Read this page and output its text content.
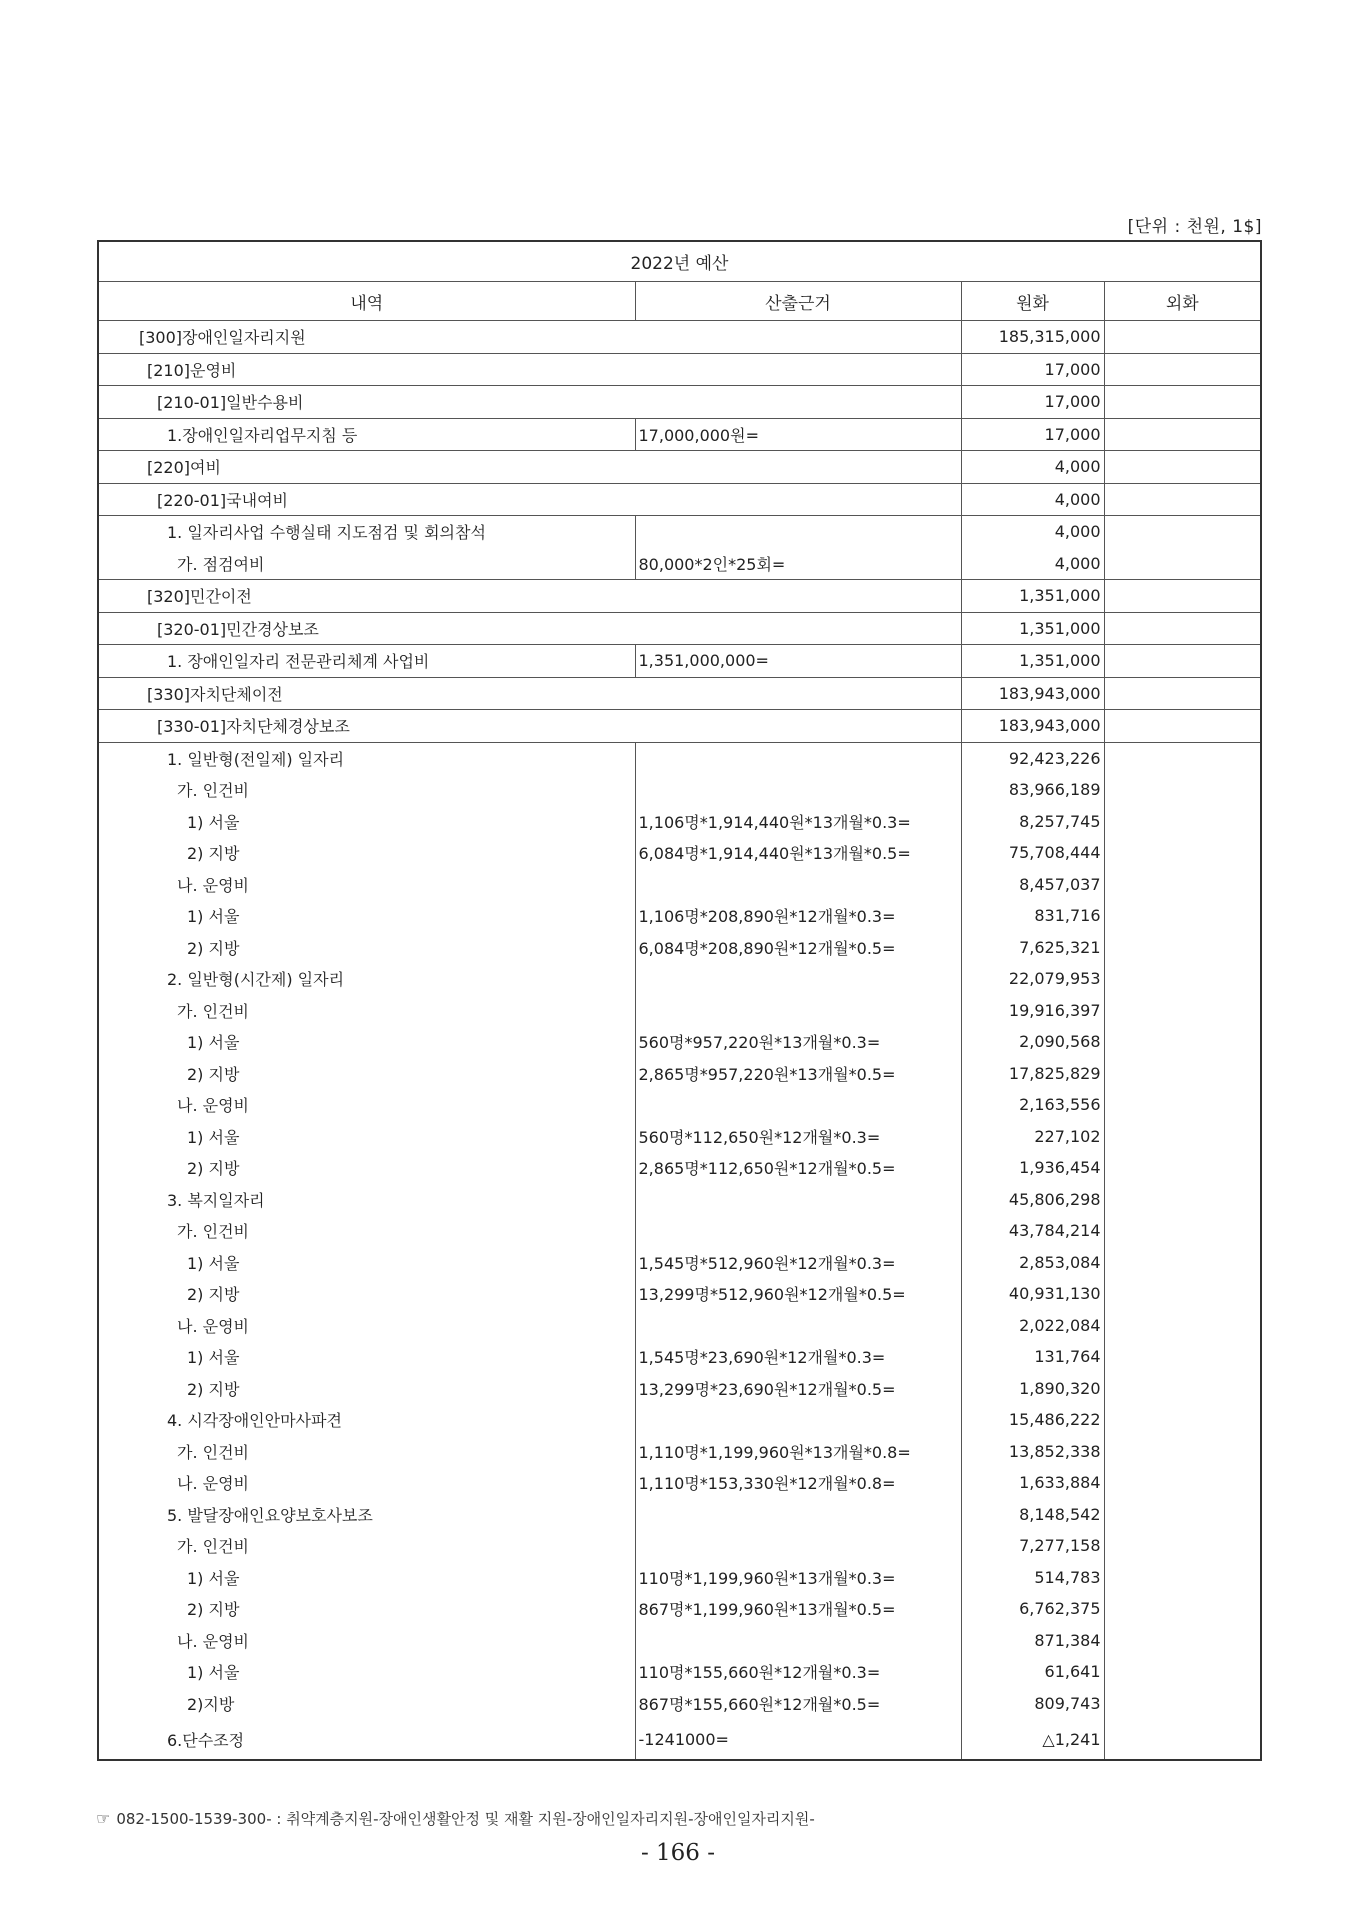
[단위 : 천원, 1$]
2022년 예산			
내역	산출근거	원화	외화
[300]장애인일자리지원		185,315,000	
[210]운영비		17,000	
[210-01]일반수용비		17,000	
1.장애인일자리업무지침 등	17,000,000원=	17,000	
[220]여비		4,000	
[220-01]국내여비		4,000	
1. 일자리사업 수행실태 지도점검 및 회의참석		4,000	
가. 점검여비	80,000*2인*25회=	4,000	
[320]민간이전		1,351,000	
[320-01]민간경상보조		1,351,000	
1. 장애인일자리 전문관리체계 사업비	1,351,000,000=	1,351,000	
[330]자치단체이전		183,943,000	
[330-01]자치단체경상보조		183,943,000	
1. 일반형(전일제) 일자리		92,423,226	
가. 인건비		83,966,189	
1) 서울	1,106명*1,914,440원*13개월*0.3=	8,257,745	
2) 지방	6,084명*1,914,440원*13개월*0.5=	75,708,444	
나. 운영비		8,457,037	
1) 서울	1,106명*208,890원*12개월*0.3=	831,716	
2) 지방	6,084명*208,890원*12개월*0.5=	7,625,321	
2. 일반형(시간제) 일자리		22,079,953	
가. 인건비		19,916,397	
1) 서울	560명*957,220원*13개월*0.3=	2,090,568	
2) 지방	2,865명*957,220원*13개월*0.5=	17,825,829	
나. 운영비		2,163,556	
1) 서울	560명*112,650원*12개월*0.3=	227,102	
2) 지방	2,865명*112,650원*12개월*0.5=	1,936,454	
3. 복지일자리		45,806,298	
가. 인건비		43,784,214	
1) 서울	1,545명*512,960원*12개월*0.3=	2,853,084	
2) 지방	13,299명*512,960원*12개월*0.5=	40,931,130	
나. 운영비		2,022,084	
1) 서울	1,545명*23,690원*12개월*0.3=	131,764	
2) 지방	13,299명*23,690원*12개월*0.5=	1,890,320	
4. 시각장애인안마사파견		15,486,222	
가. 인건비	1,110명*1,199,960원*13개월*0.8=	13,852,338	
나. 운영비	1,110명*153,330원*12개월*0.8=	1,633,884	
5. 발달장애인요양보호사보조		8,148,542	
가. 인건비		7,277,158	
1) 서울	110명*1,199,960원*13개월*0.3=	514,783	
2) 지방	867명*1,199,960원*13개월*0.5=	6,762,375	
나. 운영비		871,384	
1) 서울	110명*155,660원*12개월*0.3=	61,641	
2)지방	867명*155,660원*12개월*0.5=	809,743	
6.단수조정	-1241000=	△1,241	
☞ 082-1500-1539-300- : 취약계층지원-장애인생활안정 및 재활 지원-장애인일자리지원-장애인일자리지원-
- 166 -
